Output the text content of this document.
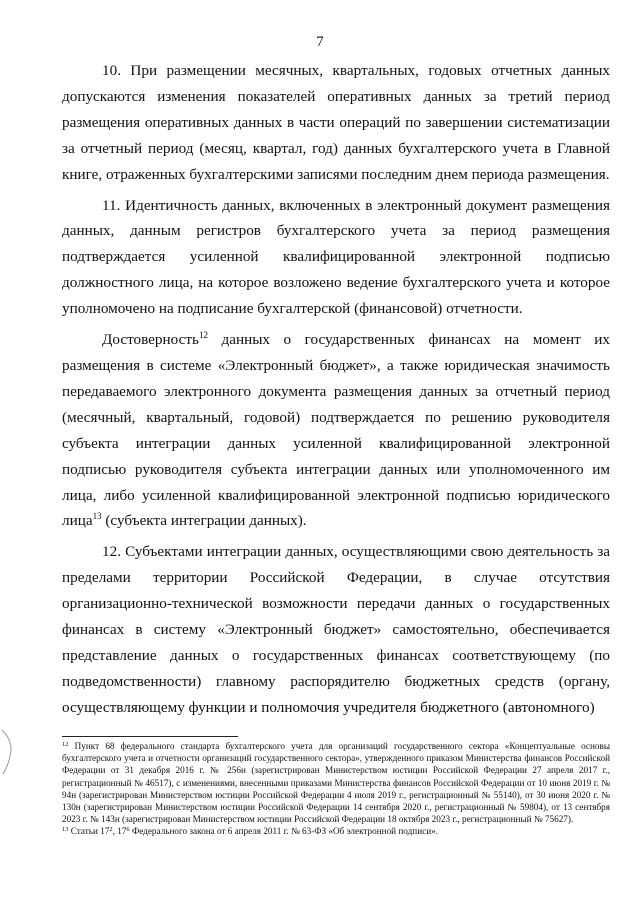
7

10. При размещении месячных, квартальных, годовых отчетных данных допускаются изменения показателей оперативных данных за третий период размещения оперативных данных в части операций по завершении систематизации за отчетный период (месяц, квартал, год) данных бухгалтерского учета в Главной книге, отраженных бухгалтерскими записями последним днем периода размещения.

11. Идентичность данных, включенных в электронный документ размещения данных, данным регистров бухгалтерского учета за период размещения подтверждается усиленной квалифицированной электронной подписью должностного лица, на которое возложено ведение бухгалтерского учета и которое уполномочено на подписание бухгалтерской (финансовой) отчетности.

Достоверность$^{12}$ данных о государственных финансах на момент их размещения в системе «Электронный бюджет», а также юридическая значимость передаваемого электронного документа размещения данных за отчетный период (месячный, квартальный, годовой) подтверждается по решению руководителя субъекта интеграции данных усиленной квалифицированной электронной подписью руководителя субъекта интеграции данных или уполномоченного им лица, либо усиленной квалифицированной электронной подписью юридического лица$^{13}$ (субъекта интеграции данных).

12. Субъектами интеграции данных, осуществляющими свою деятельность за пределами территории Российской Федерации, в случае отсутствия организационно-технической возможности передачи данных о государственных финансах в систему «Электронный бюджет» самостоятельно, обеспечивается представление данных о государственных финансах соответствующему (по подведомственности) главному распорядителю бюджетных средств (органу, осуществляющему функции и полномочия учредителя бюджетного (автономного)

$^{12}$ Пункт 68 федерального стандарта бухгалтерского учета для организаций государственного сектора «Концептуальные основы бухгалтерского учета и отчетности организаций государственного сектора», утвержденного приказом Министерства финансов Российской Федерации от 31 декабря 2016 г. № 256н (зарегистрирован Министерством юстиции Российской Федерации 27 апреля 2017 г., регистрационный № 46517), с изменениями, внесенными приказами Министерства финансов Российской Федерации от 10 июня 2019 г. № 94н (зарегистрирован Министерством юстиции Российской Федерации 4 июля 2019 г., регистрационный № 55140), от 30 июня 2020 г. № 130н (зарегистрирован Министерством юстиции Российской Федерации 14 сентября 2020 г., регистрационный № 59804), от 13 сентября 2023 г. № 143н (зарегистрирован Министерством юстиции Российской Федерации 18 октября 2023 г., регистрационный № 75627).

$^{13}$ Статьи 17$^2$, 17$^6$ Федерального закона от 6 апреля 2011 г. № 63-ФЗ «Об электронной подписи».
